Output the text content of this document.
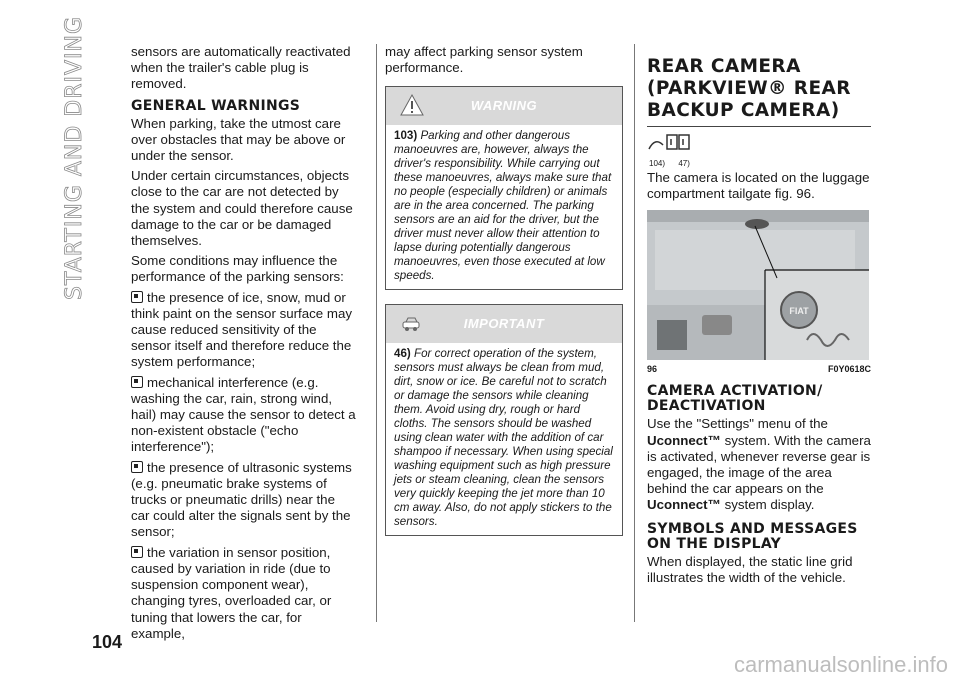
STARTING AND DRIVING
104

sensors are automatically reactivated when the trailer's cable plug is removed.

GENERAL WARNINGS

When parking, take the utmost care over obstacles that may be above or under the sensor.

Under certain circumstances, objects close to the car are not detected by the system and could therefore cause damage to the car or be damaged themselves.

Some conditions may influence the performance of the parking sensors:

the presence of ice, snow, mud or think paint on the sensor surface may cause reduced sensitivity of the sensor itself and therefore reduce the system performance;

mechanical interference (e.g. washing the car, rain, strong wind, hail) may cause the sensor to detect a non-existent obstacle ("echo interference");

the presence of ultrasonic systems (e.g. pneumatic brake systems of trucks or pneumatic drills) near the car could alter the signals sent by the sensor;

the variation in sensor position, caused by variation in ride (due to suspension component wear), changing tyres, overloaded car, or tuning that lowers the car, for example,

may affect parking sensor system performance.

WARNING
103) Parking and other dangerous manoeuvres are, however, always the driver's responsibility. While carrying out these manoeuvres, always make sure that no people (especially children) or animals are in the area concerned. The parking sensors are an aid for the driver, but the driver must never allow their attention to lapse during potentially dangerous manoeuvres, even those executed at low speeds.
IMPORTANT
46) For correct operation of the system, sensors must always be clean from mud, dirt, snow or ice. Be careful not to scratch or damage the sensors while cleaning them. Avoid using dry, rough or hard cloths. The sensors should be washed using clean water with the addition of car shampoo if necessary. When using special washing equipment such as high pressure jets or steam cleaning, clean the sensors very quickly keeping the jet more than 10 cm away. Also, do not apply stickers to the sensors.
REAR CAMERA (PARKVIEW® REAR BACKUP CAMERA)
104) 47)

The camera is located on the luggage compartment tailgate fig. 96.

FIAT
96	F0Y0618C
CAMERA ACTIVATION/ DEACTIVATION

Use the "Settings" menu of the Uconnect™ system. With the camera is activated, whenever reverse gear is engaged, the image of the area behind the car appears on the Uconnect™ system display.

SYMBOLS AND MESSAGES ON THE DISPLAY

When displayed, the static line grid illustrates the width of the vehicle.

carmanualsonline.info
